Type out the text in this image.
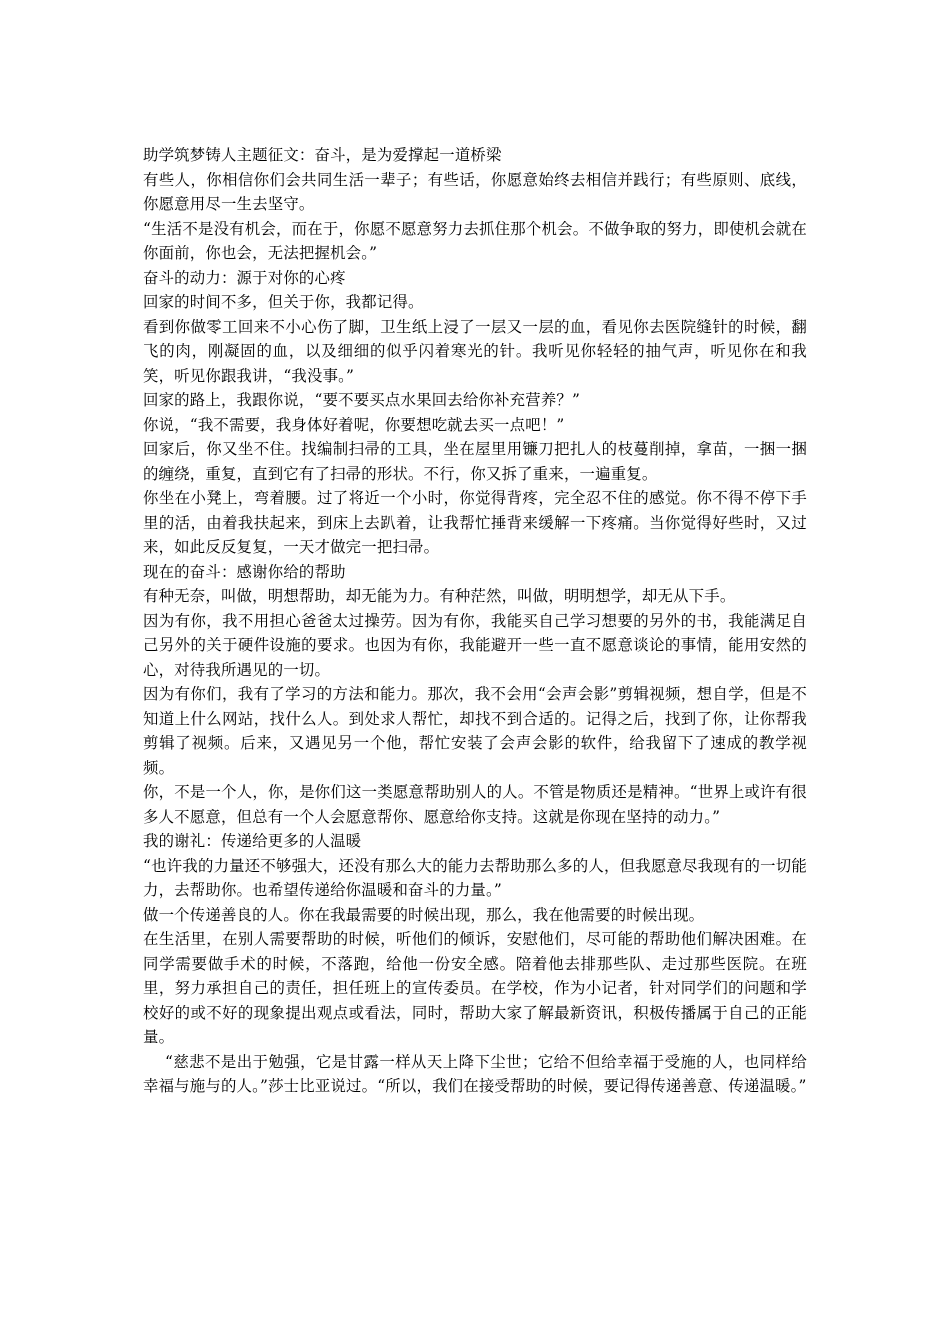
助学筑梦铸人主题征文：奋斗，是为爱撑起一道桥梁

有些人，你相信你们会共同生活一辈子；有些话，你愿意始终去相信并践行；有些原则、底线，你愿意用尽一生去坚守。

“生活不是没有机会，而在于，你愿不愿意努力去抓住那个机会。不做争取的努力，即使机会就在你面前，你也会，无法把握机会。”

奋斗的动力：源于对你的心疼

回家的时间不多，但关于你，我都记得。

看到你做零工回来不小心伤了脚，卫生纸上浸了一层又一层的血，看见你去医院缝针的时候，翻飞的肉，刚凝固的血，以及细细的似乎闪着寒光的针。我听见你轻轻的抽气声，听见你在和我笑，听见你跟我讲，“我没事。”

回家的路上，我跟你说，“要不要买点水果回去给你补充营养？”

你说，“我不需要，我身体好着呢，你要想吃就去买一点吧！”

回家后，你又坐不住。找编制扫帚的工具，坐在屋里用镰刀把扎人的枝蔓削掉，拿苗，一捆一捆的缠绕，重复，直到它有了扫帚的形状。不行，你又拆了重来，一遍重复。

你坐在小凳上，弯着腰。过了将近一个小时，你觉得背疼，完全忍不住的感觉。你不得不停下手里的活，由着我扶起来，到床上去趴着，让我帮忙捶背来缓解一下疼痛。当你觉得好些时，又过来，如此反反复复，一天才做完一把扫帚。

现在的奋斗：感谢你给的帮助

有种无奈，叫做，明想帮助，却无能为力。有种茫然，叫做，明明想学，却无从下手。

因为有你，我不用担心爸爸太过操劳。因为有你，我能买自己学习想要的另外的书，我能满足自己另外的关于硬件设施的要求。也因为有你，我能避开一些一直不愿意谈论的事情，能用安然的心，对待我所遇见的一切。

因为有你们，我有了学习的方法和能力。那次，我不会用“会声会影”剪辑视频，想自学，但是不知道上什么网站，找什么人。到处求人帮忙，却找不到合适的。记得之后，找到了你，让你帮我剪辑了视频。后来，又遇见另一个他，帮忙安装了会声会影的软件，给我留下了速成的教学视频。

你，不是一个人，你，是你们这一类愿意帮助别人的人。不管是物质还是精神。“世界上或许有很多人不愿意，但总有一个人会愿意帮你、愿意给你支持。这就是你现在坚持的动力。”

我的谢礼：传递给更多的人温暖

“也许我的力量还不够强大，还没有那么大的能力去帮助那么多的人，但我愿意尽我现有的一切能力，去帮助你。也希望传递给你温暖和奋斗的力量。”

做一个传递善良的人。你在我最需要的时候出现，那么，我在他需要的时候出现。

在生活里，在别人需要帮助的时候，听他们的倾诉，安慰他们，尽可能的帮助他们解决困难。在同学需要做手术的时候，不落跑，给他一份安全感。陪着他去排那些队、走过那些医院。在班里，努力承担自己的责任，担任班上的宣传委员。在学校，作为小记者，针对同学们的问题和学校好的或不好的现象提出观点或看法，同时，帮助大家了解最新资讯，积极传播属于自己的正能量。

“慈悲不是出于勉强，它是甘露一样从天上降下尘世；它给不但给幸福于受施的人，也同样给幸福与施与的人。”莎士比亚说过。“所以，我们在接受帮助的时候，要记得传递善意、传递温暖。”
